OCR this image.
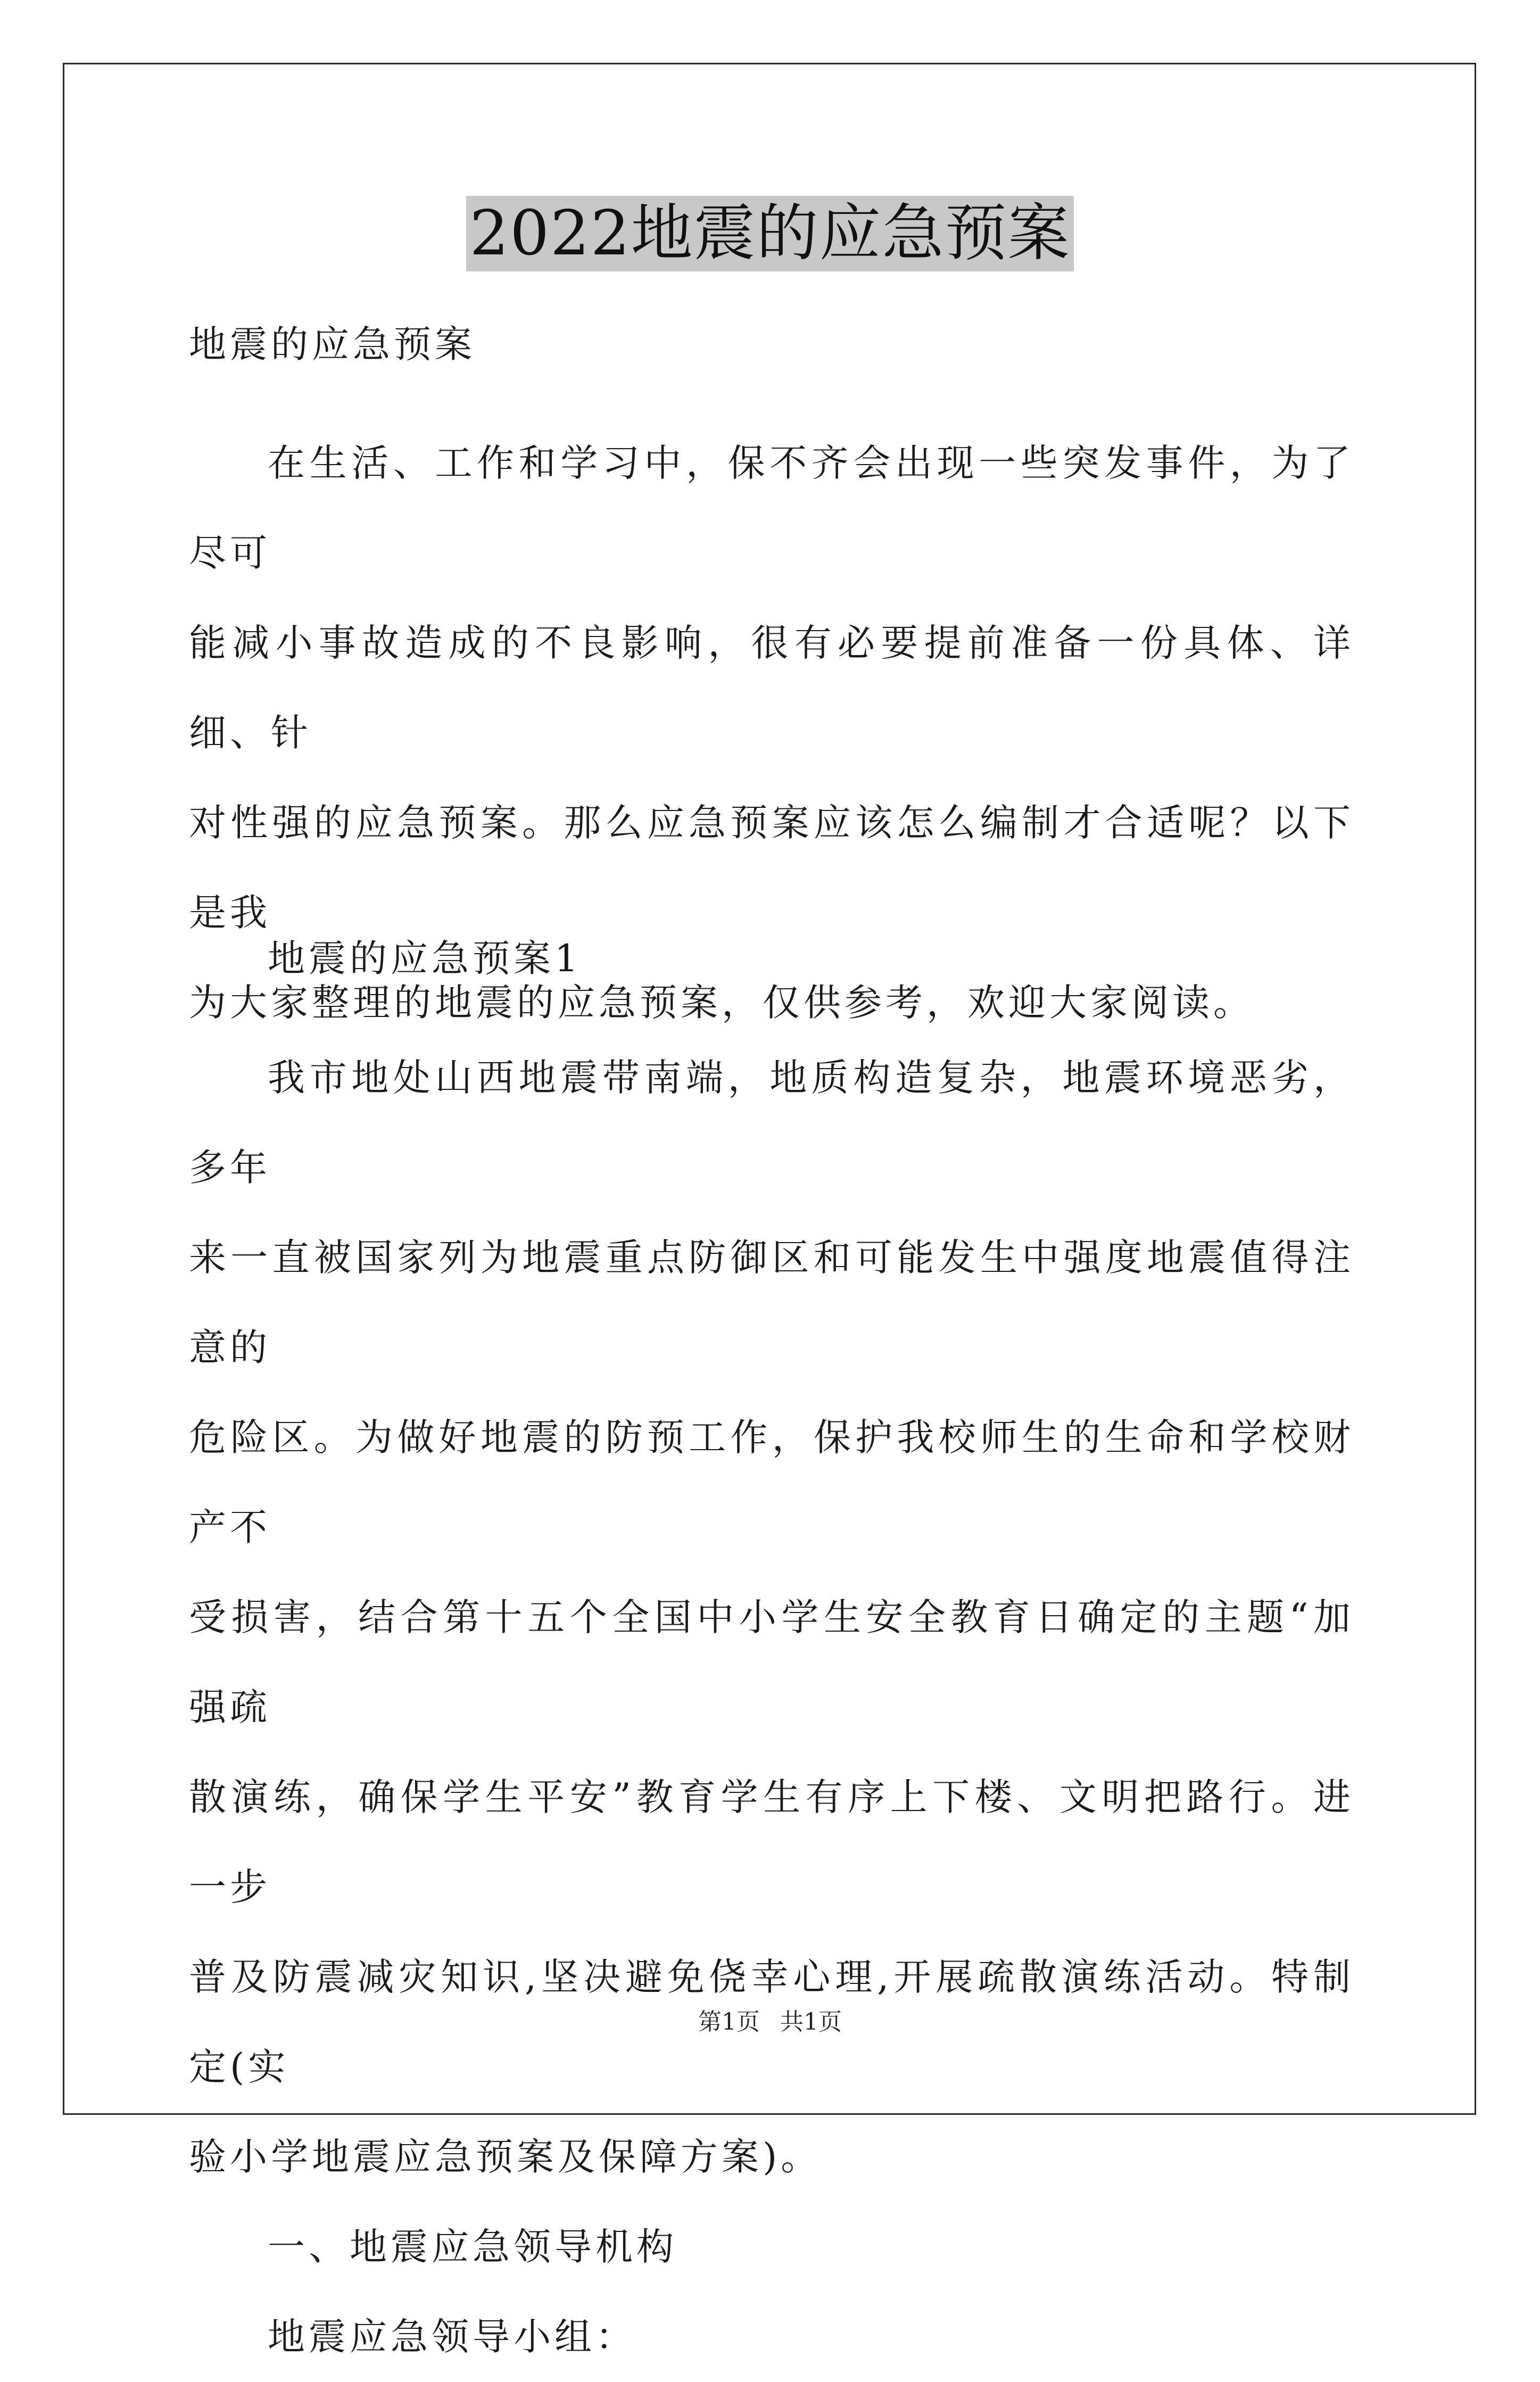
2022地震的应急预案

地震的应急预案

在生活、工作和学习中，保不齐会出现一些突发事件，为了尽可

能减小事故造成的不良影响，很有必要提前准备一份具体、详细、针

对性强的应急预案。那么应急预案应该怎么编制才合适呢？以下是我

为大家整理的地震的应急预案，仅供参考，欢迎大家阅读。

地震的应急预案1

我市地处山西地震带南端，地质构造复杂，地震环境恶劣，多年

来一直被国家列为地震重点防御区和可能发生中强度地震值得注意的

危险区。为做好地震的防预工作，保护我校师生的生命和学校财产不

受损害，结合第十五个全国中小学生安全教育日确定的主题“加强疏

散演练，确保学生平安”教育学生有序上下楼、文明把路行。进一步

普及防震减灾知识,坚决避免侥幸心理,开展疏散演练活动。特制定(实

验小学地震应急预案及保障方案)。

一、地震应急领导机构

地震应急领导小组：

第1页 共1页
